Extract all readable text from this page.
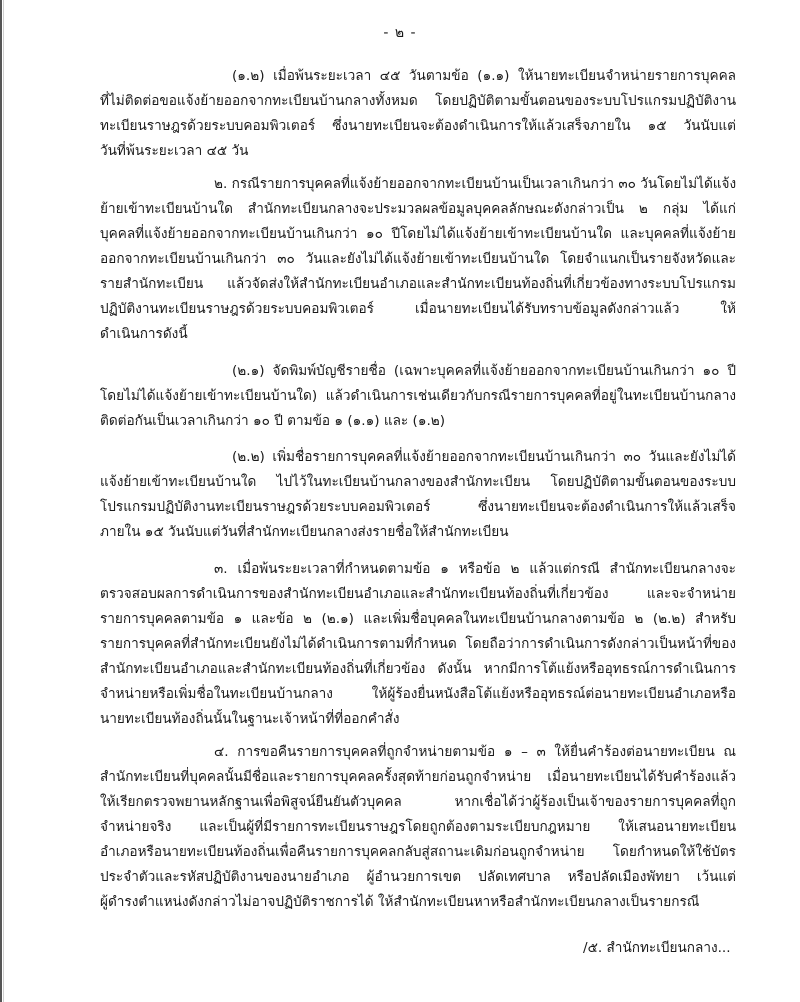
- ๒ -
(๑.๒) เมื่อพ้นระยะเวลา ๔๕ วันตามข้อ (๑.๑) ให้นายทะเบียนจำหน่ายรายการบุคคล
ที่ไม่ติดต่อขอแจ้งย้ายออกจากทะเบียนบ้านกลางทั้งหมด โดยปฏิบัติตามขั้นตอนของระบบโปรแกรมปฏิบัติงาน
ทะเบียนราษฎรด้วยระบบคอมพิวเตอร์ ซึ่งนายทะเบียนจะต้องดำเนินการให้แล้วเสร็จภายใน ๑๕ วันนับแต่
วันที่พ้นระยะเวลา ๔๕ วัน
๒. กรณีรายการบุคคลที่แจ้งย้ายออกจากทะเบียนบ้านเป็นเวลาเกินกว่า ๓๐ วันโดยไม่ได้แจ้ง
ย้ายเข้าทะเบียนบ้านใด สำนักทะเบียนกลางจะประมวลผลข้อมูลบุคคลลักษณะดังกล่าวเป็น ๒ กลุ่ม ได้แก่
บุคคลที่แจ้งย้ายออกจากทะเบียนบ้านเกินกว่า ๑๐ ปีโดยไม่ได้แจ้งย้ายเข้าทะเบียนบ้านใด และบุคคลที่แจ้งย้าย
ออกจากทะเบียนบ้านเกินกว่า ๓๐ วันและยังไม่ได้แจ้งย้ายเข้าทะเบียนบ้านใด โดยจำแนกเป็นรายจังหวัดและ
รายสำนักทะเบียน แล้วจัดส่งให้สำนักทะเบียนอำเภอและสำนักทะเบียนท้องถิ่นที่เกี่ยวข้องทางระบบโปรแกรม
ปฏิบัติงานทะเบียนราษฎรด้วยระบบคอมพิวเตอร์ เมื่อนายทะเบียนได้รับทราบข้อมูลดังกล่าวแล้ว ให้
ดำเนินการดังนี้
(๒.๑) จัดพิมพ์บัญชีรายชื่อ (เฉพาะบุคคลที่แจ้งย้ายออกจากทะเบียนบ้านเกินกว่า ๑๐ ปี
โดยไม่ได้แจ้งย้ายเข้าทะเบียนบ้านใด) แล้วดำเนินการเช่นเดียวกับกรณีรายการบุคคลที่อยู่ในทะเบียนบ้านกลาง
ติดต่อกันเป็นเวลาเกินกว่า ๑๐ ปี ตามข้อ ๑ (๑.๑) และ (๑.๒)
(๒.๒) เพิ่มชื่อรายการบุคคลที่แจ้งย้ายออกจากทะเบียนบ้านเกินกว่า ๓๐ วันและยังไม่ได้
แจ้งย้ายเข้าทะเบียนบ้านใด ไปไว้ในทะเบียนบ้านกลางของสำนักทะเบียน โดยปฏิบัติตามขั้นตอนของระบบ
โปรแกรมปฏิบัติงานทะเบียนราษฎรด้วยระบบคอมพิวเตอร์ ซึ่งนายทะเบียนจะต้องดำเนินการให้แล้วเสร็จ
ภายใน ๑๕ วันนับแต่วันที่สำนักทะเบียนกลางส่งรายชื่อให้สำนักทะเบียน
๓. เมื่อพ้นระยะเวลาที่กำหนดตามข้อ ๑ หรือข้อ ๒ แล้วแต่กรณี สำนักทะเบียนกลางจะ
ตรวจสอบผลการดำเนินการของสำนักทะเบียนอำเภอและสำนักทะเบียนท้องถิ่นที่เกี่ยวข้อง และจะจำหน่าย
รายการบุคคลตามข้อ ๑ และข้อ ๒ (๒.๑) และเพิ่มชื่อบุคคลในทะเบียนบ้านกลางตามข้อ ๒ (๒.๒) สำหรับ
รายการบุคคลที่สำนักทะเบียนยังไม่ได้ดำเนินการตามที่กำหนด โดยถือว่าการดำเนินการดังกล่าวเป็นหน้าที่ของ
สำนักทะเบียนอำเภอและสำนักทะเบียนท้องถิ่นที่เกี่ยวข้อง ดังนั้น หากมีการโต้แย้งหรืออุทธรณ์การดำเนินการ
จำหน่ายหรือเพิ่มชื่อในทะเบียนบ้านกลาง ให้ผู้ร้องยื่นหนังสือโต้แย้งหรืออุทธรณ์ต่อนายทะเบียนอำเภอหรือ
นายทะเบียนท้องถิ่นนั้นในฐานะเจ้าหน้าที่ที่ออกคำสั่ง
๔. การขอคืนรายการบุคคลที่ถูกจำหน่ายตามข้อ ๑ – ๓ ให้ยื่นคำร้องต่อนายทะเบียน ณ
สำนักทะเบียนที่บุคคลนั้นมีชื่อและรายการบุคคลครั้งสุดท้ายก่อนถูกจำหน่าย เมื่อนายทะเบียนได้รับคำร้องแล้ว
ให้เรียกตรวจพยานหลักฐานเพื่อพิสูจน์ยืนยันตัวบุคคล หากเชื่อได้ว่าผู้ร้องเป็นเจ้าของรายการบุคคลที่ถูก
จำหน่ายจริง และเป็นผู้ที่มีรายการทะเบียนราษฎรโดยถูกต้องตามระเบียบกฎหมาย ให้เสนอนายทะเบียน
อำเภอหรือนายทะเบียนท้องถิ่นเพื่อคืนรายการบุคคลกลับสู่สถานะเดิมก่อนถูกจำหน่าย โดยกำหนดให้ใช้บัตร
ประจำตัวและรหัสปฏิบัติงานของนายอำเภอ ผู้อำนวยการเขต ปลัดเทศบาล หรือปลัดเมืองพัทยา เว้นแต่
ผู้ดำรงตำแหน่งดังกล่าวไม่อาจปฏิบัติราชการได้ ให้สำนักทะเบียนหาหรือสำนักทะเบียนกลางเป็นรายกรณี
/๕. สำนักทะเบียนกลาง...
